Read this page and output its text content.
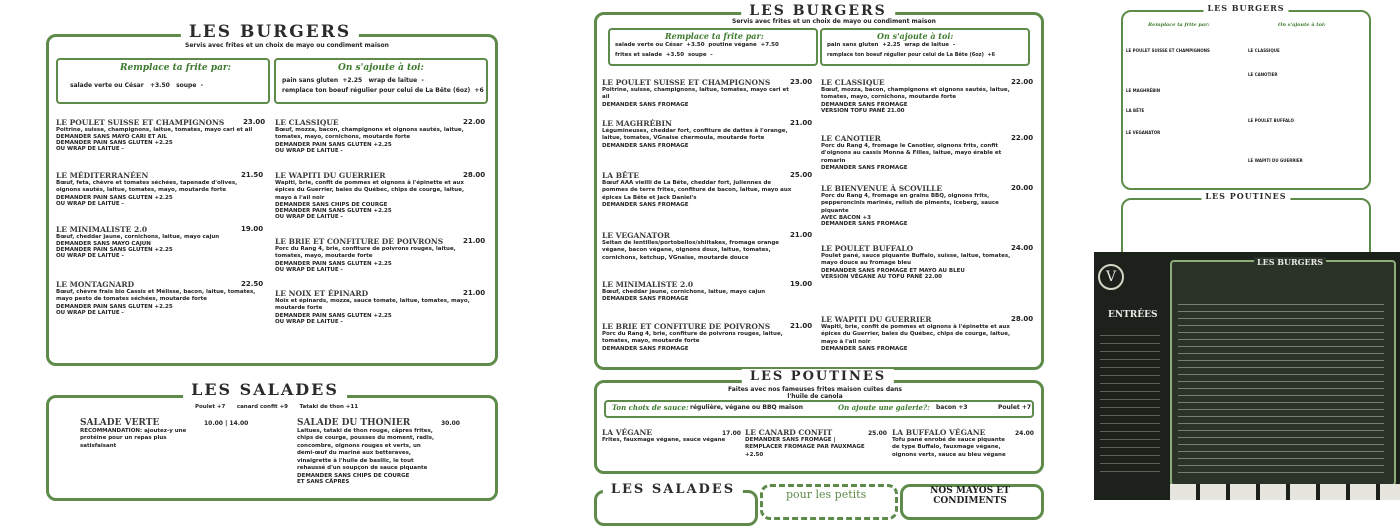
LES BURGERS
Servis avec frites et un choix de mayo ou condiment maison
Remplace ta frite par:
salade verte ou César +3.50 soupe -
On s'ajoute à toi:
pain sans gluten +2.25 wrap de laitue -
remplace ton boeuf régulier pour celui de La Bête (6oz) +6
LE POULET SUISSE ET CHAMPIGNONS
Poitrine, suisse, champignons, laitue, tomates, mayo cari et ail
DEMANDER SANS MAYO CARI ET AIL
DEMANDER PAIN SANS GLUTEN +2.25
OU WRAP DE LAITUE -
23.00
LE MÉDITERRANÉEN
Bœuf, feta, chèvre et tomates séchées, tapenade d'olives, oignons sautés, laitue, tomates, mayo, moutarde forte
DEMANDER PAIN SANS GLUTEN +2.25
OU WRAP DE LAITUE -
21.50
LE MINIMALISTE 2.0
Bœuf, cheddar jaune, cornichons, laitue, mayo cajun
DEMANDER SANS MAYO CAJUN
DEMANDER PAIN SANS GLUTEN +2.25
OU WRAP DE LAITUE -
19.00
LE MONTAGNARD
Bœuf, chèvre frais bio Cassis et Mélisse, bacon, laitue, tomates, mayo pesto de tomates séchées, moutarde forte
DEMANDER PAIN SANS GLUTEN +2.25
OU WRAP DE LAITUE -
22.50
LE CLASSIQUE
Bœuf, mozza, bacon, champignons et oignons sautés, laitue, tomates, mayo, cornichons, moutarde forte
DEMANDER PAIN SANS GLUTEN +2.25
OU WRAP DE LAITUE -
22.00
LE WAPITI DU GUERRIER
Wapiti, brie, confit de pommes et oignons à l'épinette et aux épices du Guerrier, baies du Québec, chips de courge, laitue, mayo à l'ail noir
DEMANDER SANS CHIPS DE COURGE
DEMANDER PAIN SANS GLUTEN +2.25
OU WRAP DE LAITUE -
28.00
LE BRIE ET CONFITURE DE POIVRONS
Porc du Rang 4, brie, confiture de poivrons rouges, laitue, tomates, mayo, moutarde forte
DEMANDER PAIN SANS GLUTEN +2.25
OU WRAP DE LAITUE -
21.00
LE NOIX ET ÉPINARD
Noix et épinards, mozza, sauce tomate, laitue, tomates, mayo, moutarde forte
DEMANDER PAIN SANS GLUTEN +2.25
OU WRAP DE LAITUE -
21.00
LES SALADES
Poulet +7 canard confit +9 Tataki de thon +11
SALADE VERTE
RECOMMANDATION: ajoutez-y une protéine pour un repas plus satisfaisant
10.00 | 14.00	SALADE DU THONIER
Laitues, tataki de thon rouge, câpres frites, chips de courge, pousses du moment, radis, concombre, oignons rouges et verts, un demi-œuf du mariné aux betteraves, vinaigrette à l'huile de basilic, le tout rehaussé d'un soupçon de sauce piquante
DEMANDER SANS CHIPS DE COURGE
ET SANS CÂPRES
30.00
LES BURGERS
Servis avec frites et un choix de mayo ou condiment maison
Remplace ta frite par:
salade verte ou César +3.50 poutine végane +7.50
frites et salade +3.50 soupe -
On s'ajoute à toi:
pain sans gluten +2.25 wrap de laitue -
remplace ton boeuf régulier pour celui de La Bête (6oz) +6
LE POULET SUISSE ET CHAMPIGNONS
Poitrine, suisse, champignons, laitue, tomates, mayo cari et ail
DEMANDER SANS FROMAGE
23.00
LE MAGHRÉBIN
Légumineuses, cheddar fort, confiture de dattes à l'orange, laitue, tomates, VGnaise chermoula, moutarde forte
DEMANDER SANS FROMAGE
21.00
LA BÊTE
Bœuf AAA vieilli de La Bête, cheddar fort, juliennes de pommes de terre frites, confiture de bacon, laitue, mayo aux épices La Bête et Jack Daniel's
DEMANDER SANS FROMAGE
25.00
LE VEGANATOR
Seitan de lentilles/portobellos/shiitakes, fromage orange végane, bacon végane, oignons doux, laitue, tomates, cornichons, ketchup, VGnaise, moutarde douce
21.00
LE MINIMALISTE 2.0
Bœuf, cheddar jaune, cornichons, laitue, mayo cajun
DEMANDER SANS FROMAGE
19.00
LE BRIE ET CONFITURE DE POIVRONS
Porc du Rang 4, brie, confiture de poivrons rouges, laitue, tomates, mayo, moutarde forte
DEMANDER SANS FROMAGE
21.00
LE CLASSIQUE
Bœuf, mozza, bacon, champignons et oignons sautés, laitue, tomates, mayo, cornichons, moutarde forte
DEMANDER SANS FROMAGE
VERSION TOFU PANÉ 21.00
22.00
LE CANOTIER
Porc du Rang 4, fromage le Canotier, oignons frits, confit d'oignons au cassis Monna & Filles, laitue, mayo érable et romarin
DEMANDER SANS FROMAGE
22.00
LE BIENVENUE À SCOVILLE
Porc du Rang 4, fromage en grains BBQ, oignons frits, pepperoncinis marinés, relish de piments, iceberg, sauce piquante
AVEC BACON +3
DEMANDER SANS FROMAGE
20.00
LE POULET BUFFALO
Poulet pané, sauce piquante Buffalo, suisse, laitue, tomates, mayo douce au fromage bleu
DEMANDER SANS FROMAGE ET MAYO AU BLEU
VERSION VÉGANE AU TOFU PANÉ 22.00
24.00
LE WAPITI DU GUERRIER
Wapiti, brie, confit de pommes et oignons à l'épinette et aux épices du Guerrier, baies du Québec, chips de courge, laitue, mayo à l'ail noir
DEMANDER SANS FROMAGE
28.00
LES POUTINES
Faites avec nos fameuses frites maison cuites dans l'huile de canola
Ton choix de sauce: régulière, végane ou BBQ maison	On ajoute une galerie?: bacon +3	Poulet +7
LA VÉGANE
Frites, fauxmage végane, sauce végane
17.00 LE CANARD CONFIT
DEMANDER SANS FROMAGE | REMPLACER FROMAGE PAR FAUXMAGE +2.50
25.00 LA BUFFALO VÉGANE
Tofu pané enrobé de sauce piquante de type Buffalo, fauxmage végane, oignons verts, sauce au bleu végane
24.00
LES SALADES	pour les petits	NOS MAYOS ET CONDIMENTS
LES BURGERS
Remplace ta frite par:	On s'ajoute à toi:
LE POULET SUISSE ET CHAMPIGNONS
LE MAGHRÉBIN
LA BÊTE
LE VEGANATOR
LE CLASSIQUE
LE CANOTIER
LE POULET BUFFALO
LE WAPITI DU GUERRIER
LES POUTINES
V
ENTRÉES
LES BURGERS
